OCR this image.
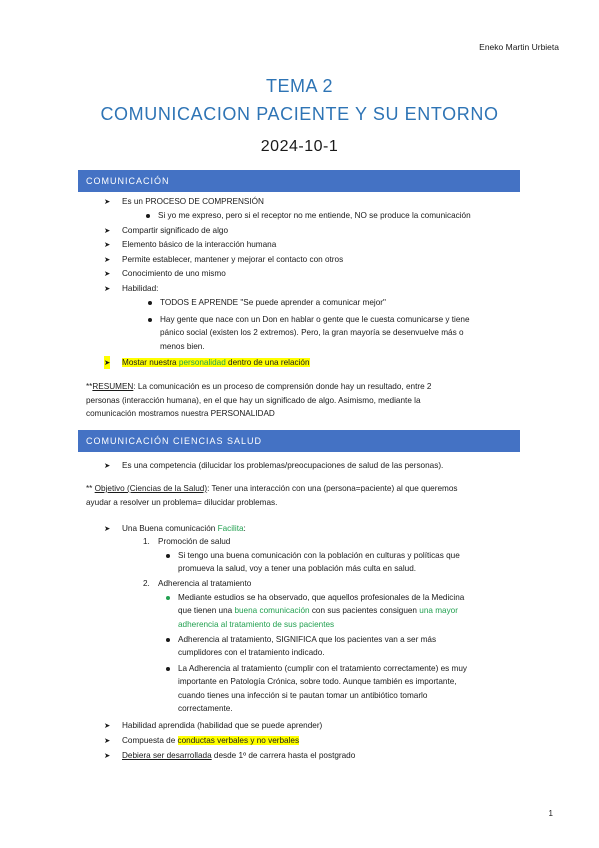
Eneko Martin Urbieta
TEMA 2
COMUNICACION PACIENTE Y SU ENTORNO
2024-10-1
COMUNICACIÓN
➤ Es un PROCESO DE COMPRENSIÓN
Si yo me expreso, pero si el receptor no me entiende, NO se produce la comunicación
➤ Compartir significado de algo
➤ Elemento básico de la interacción humana
➤ Permite establecer, mantener y mejorar el contacto con otros
➤ Conocimiento de uno mismo
➤ Habilidad:
TODOS E APRENDE "Se puede aprender a comunicar mejor"
Hay gente que nace con un Don en hablar o gente que le cuesta comunicarse y tiene
pánico social (existen los 2 extremos). Pero, la gran mayoría se desenvuelve más o
menos bien.
➤ Mostar nuestra personalidad dentro de una relación
**RESUMEN: La comunicación es un proceso de comprensión donde hay un resultado, entre 2
personas (interacción humana), en el que hay un significado de algo. Asimismo, mediante la
comunicación mostramos nuestra PERSONALIDAD
COMUNICACIÓN CIENCIAS SALUD
➤ Es una competencia (dilucidar los problemas/preocupaciones de salud de las personas).
** Objetivo (Ciencias de la Salud): Tener una interacción con una (persona=paciente) al que queremos
ayudar a resolver un problema= dilucidar problemas.
➤ Una Buena comunicación Facilita:
1. Promoción de salud
Si tengo una buena comunicación con la población en culturas y políticas que
promueva la salud, voy a tener una población más culta en salud.
2. Adherencia al tratamiento
Mediante estudios se ha observado, que aquellos profesionales de la Medicina
que tienen una buena comunicación con sus pacientes consiguen una mayor
adherencia al tratamiento de sus pacientes
Adherencia al tratamiento, SIGNIFICA que los pacientes van a ser más
cumplidores con el tratamiento indicado.
La Adherencia al tratamiento (cumplir con el tratamiento correctamente) es muy
importante en Patología Crónica, sobre todo. Aunque también es importante,
cuando tienes una infección si te pautan tomar un antibiótico tomarlo
correctamente.
➤ Habilidad aprendida (habilidad que se puede aprender)
➤ Compuesta de conductas verbales y no verbales
➤ Debiera ser desarrollada desde 1º de carrera hasta el postgrado
1
